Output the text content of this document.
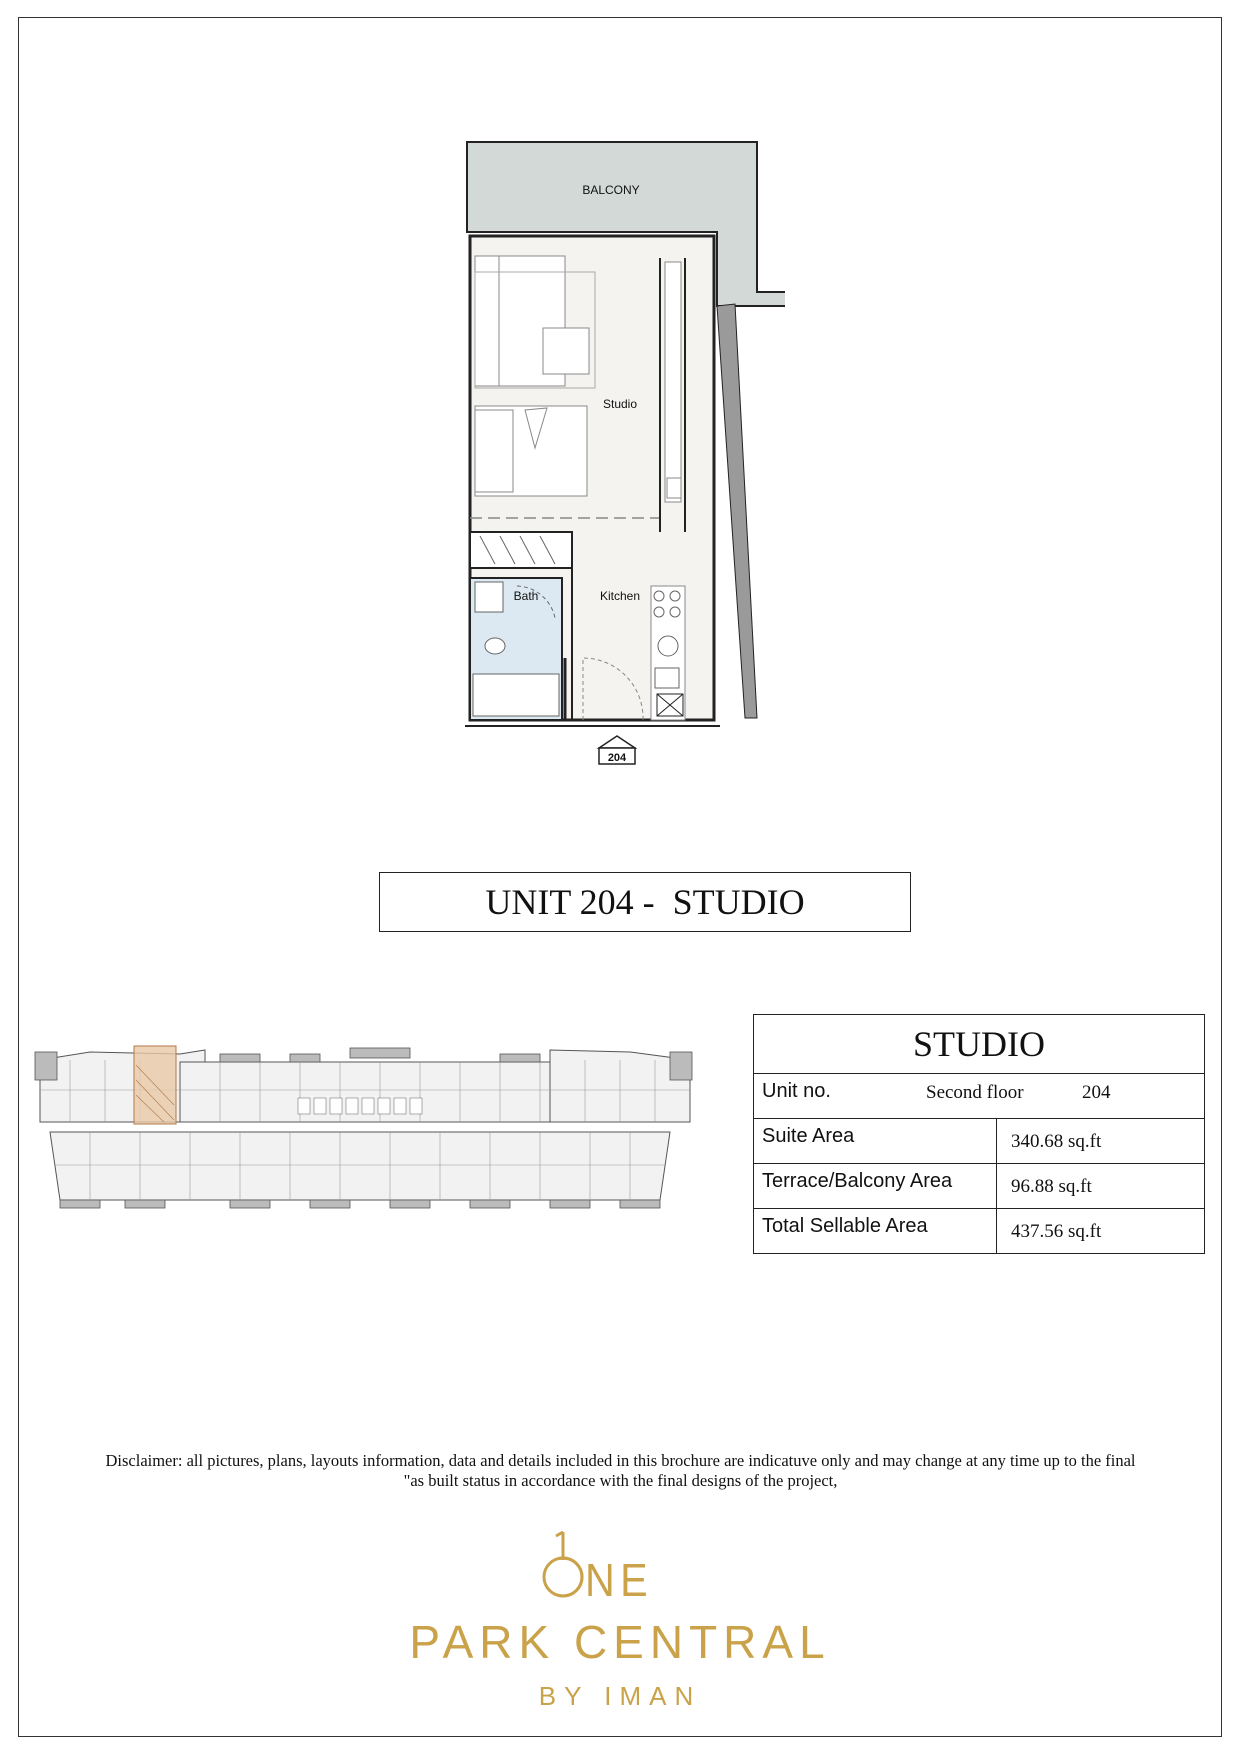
204
BALCONY
Studio
Bath	Kitchen
UNIT 204 -  STUDIO
STUDIO
Unit no.	Second floor	204
Suite Area	340.68 sq.ft
Terrace/Balcony Area	96.88 sq.ft
Total Sellable Area	437.56 sq.ft
Disclaimer: all pictures, plans, layouts information, data and details included in this brochure are indicatuve only and may change at any time up to the final
"as built status in accordance with the final designs of the project,
NE
PARK CENTRAL
BY IMAN
